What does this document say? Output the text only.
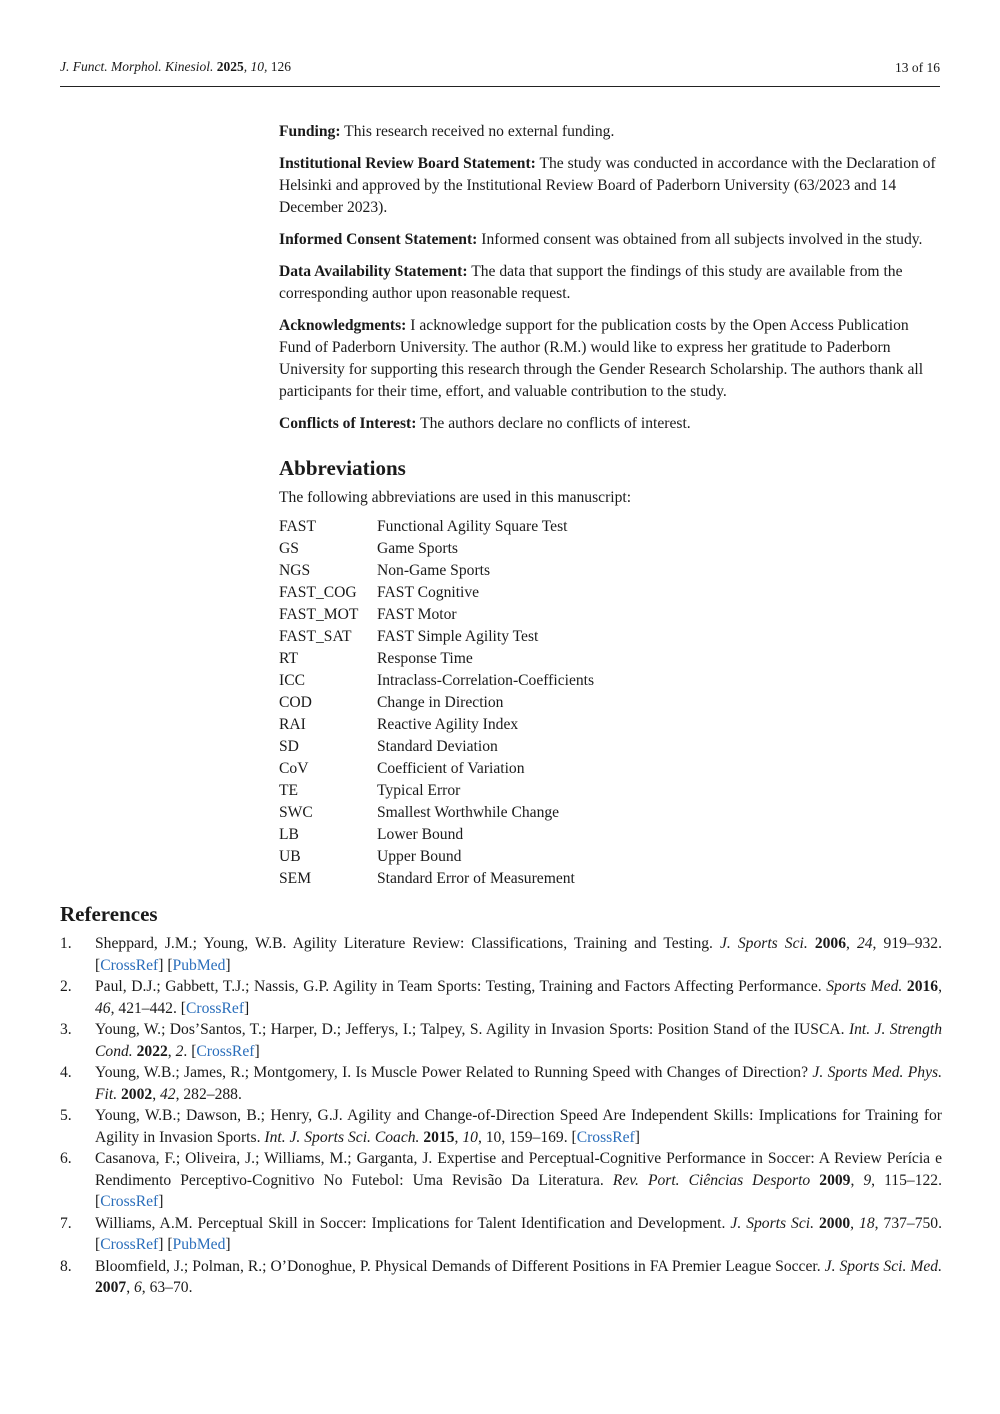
J. Funct. Morphol. Kinesiol. 2025, 10, 126	13 of 16

Funding: This research received no external funding.

Institutional Review Board Statement: The study was conducted in accordance with the Declaration of Helsinki and approved by the Institutional Review Board of Paderborn University (63/2023 and 14 December 2023).

Informed Consent Statement: Informed consent was obtained from all subjects involved in the study.

Data Availability Statement: The data that support the findings of this study are available from the corresponding author upon reasonable request.

Acknowledgments: I acknowledge support for the publication costs by the Open Access Publication Fund of Paderborn University. The author (R.M.) would like to express her gratitude to Paderborn University for supporting this research through the Gender Research Scholarship. The authors thank all participants for their time, effort, and valuable contribution to the study.

Conflicts of Interest: The authors declare no conflicts of interest.

Abbreviations

The following abbreviations are used in this manuscript:

FAST	Functional Agility Square Test
GS	Game Sports
NGS	Non-Game Sports
FAST_COG	FAST Cognitive
FAST_MOT	FAST Motor
FAST_SAT	FAST Simple Agility Test
RT	Response Time
ICC	Intraclass-Correlation-Coefficients
COD	Change in Direction
RAI	Reactive Agility Index
SD	Standard Deviation
CoV	Coefficient of Variation
TE	Typical Error
SWC	Smallest Worthwhile Change
LB	Lower Bound
UB	Upper Bound
SEM	Standard Error of Measurement
References
1. Sheppard, J.M.; Young, W.B. Agility Literature Review: Classifications, Training and Testing. J. Sports Sci. 2006, 24, 919–932. [CrossRef] [PubMed]
2. Paul, D.J.; Gabbett, T.J.; Nassis, G.P. Agility in Team Sports: Testing, Training and Factors Affecting Performance. Sports Med. 2016, 46, 421–442. [CrossRef]
3. Young, W.; Dos’Santos, T.; Harper, D.; Jefferys, I.; Talpey, S. Agility in Invasion Sports: Position Stand of the IUSCA. Int. J. Strength Cond. 2022, 2. [CrossRef]
4. Young, W.B.; James, R.; Montgomery, I. Is Muscle Power Related to Running Speed with Changes of Direction? J. Sports Med. Phys. Fit. 2002, 42, 282–288.
5. Young, W.B.; Dawson, B.; Henry, G.J. Agility and Change-of-Direction Speed Are Independent Skills: Implications for Training for Agility in Invasion Sports. Int. J. Sports Sci. Coach. 2015, 10, 10, 159–169. [CrossRef]
6. Casanova, F.; Oliveira, J.; Williams, M.; Garganta, J. Expertise and Perceptual-Cognitive Performance in Soccer: A Review Perícia e Rendimento Perceptivo-Cognitivo No Futebol: Uma Revisão Da Literatura. Rev. Port. Ciências Desporto 2009, 9, 115–122. [CrossRef]
7. Williams, A.M. Perceptual Skill in Soccer: Implications for Talent Identification and Development. J. Sports Sci. 2000, 18, 737–750. [CrossRef] [PubMed]
8. Bloomfield, J.; Polman, R.; O’Donoghue, P. Physical Demands of Different Positions in FA Premier League Soccer. J. Sports Sci. Med. 2007, 6, 63–70.
